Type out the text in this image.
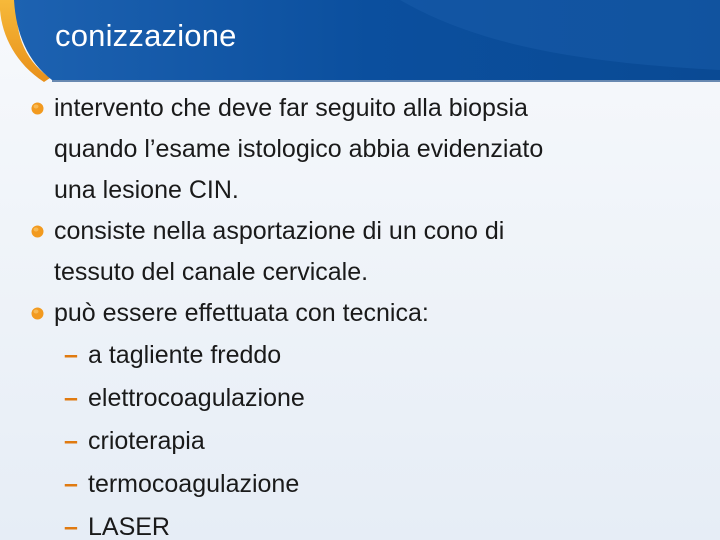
conizzazione
intervento che deve far seguito alla biopsia
quando l’esame istologico abbia evidenziato
una lesione CIN.
consiste nella asportazione di un cono di
tessuto del canale cervicale.
può essere effettuata con tecnica:
– a tagliente freddo
– elettrocoagulazione
– crioterapia
– termocoagulazione
– LASER
